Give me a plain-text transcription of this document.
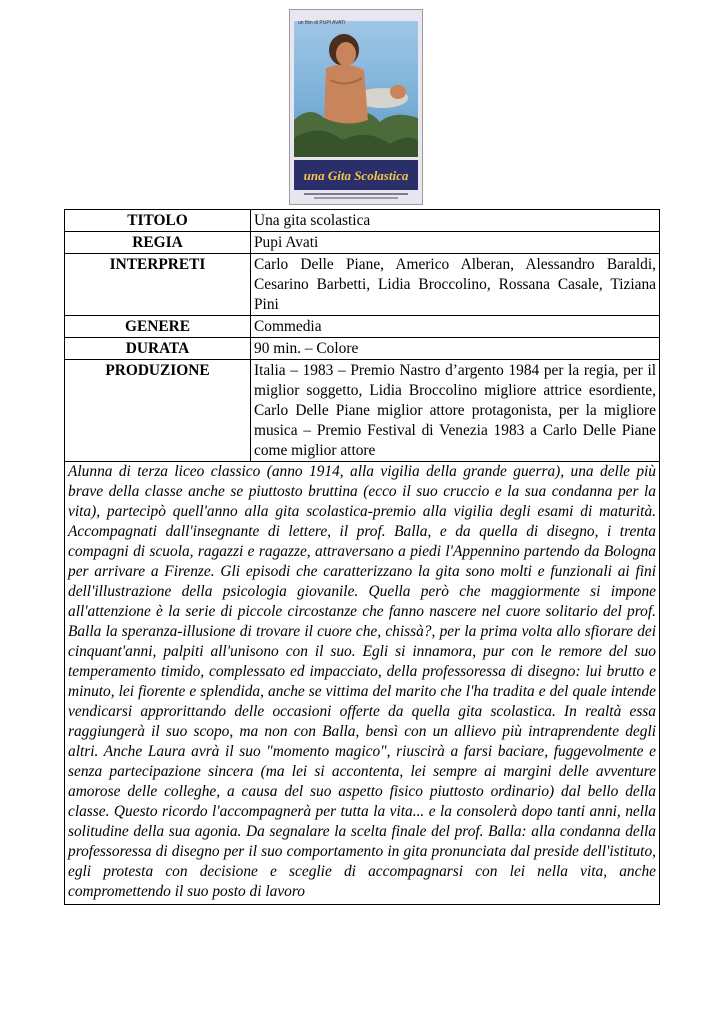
un film di PUPI AVATI
una Gita Scolastica
TITOLO	Una gita scolastica
REGIA	Pupi Avati
INTERPRETI	Carlo Delle Piane, Americo Alberan, Alessandro Baraldi, Cesarino Barbetti, Lidia Broccolino, Rossana Casale, Tiziana Pini
GENERE	Commedia
DURATA	90 min. – Colore
PRODUZIONE	Italia – 1983 – Premio Nastro d’argento 1984 per la regia, per il miglior soggetto, Lidia Broccolino migliore attrice esordiente, Carlo Delle Piane miglior attore protagonista, per la migliore musica – Premio Festival di Venezia 1983 a Carlo Delle Piane come miglior attore
Alunna di terza liceo classico (anno 1914, alla vigilia della grande guerra), una delle più brave della classe anche se piuttosto bruttina (ecco il suo cruccio e la sua condanna per la vita), partecipò quell'anno alla gita scolastica-premio alla vigilia degli esami di maturità. Accompagnati dall'insegnante di lettere, il prof. Balla, e da quella di disegno, i trenta compagni di scuola, ragazzi e ragazze, attraversano a piedi l'Appennino partendo da Bologna per arrivare a Firenze. Gli episodi che caratterizzano la gita sono molti e funzionali ai fini dell'illustrazione della psicologia giovanile. Quella però che maggiormente si impone all'attenzione è la serie di piccole circostanze che fanno nascere nel cuore solitario del prof. Balla la speranza-illusione di trovare il cuore che, chissà?, per la prima volta allo sfiorare dei cinquant'anni, palpiti all'unisono con il suo. Egli si innamora, pur con le remore del suo temperamento timido, complessato ed impacciato, della professoressa di disegno: lui brutto e minuto, lei fiorente e splendida, anche se vittima del marito che l'ha tradita e del quale intende vendicarsi approrittando delle occasioni offerte da quella gita scolastica. In realtà essa raggiungerà il suo scopo, ma non con Balla, bensì con un allievo più intraprendente degli altri. Anche Laura avrà il suo "momento magico", riuscirà a farsi baciare, fuggevolmente e senza partecipazione sincera (ma lei si accontenta, lei sempre ai margini delle avventure amorose delle colleghe, a causa del suo aspetto fisico piuttosto ordinario) dal bello della classe. Questo ricordo l'accompagnerà per tutta la vita... e la consolerà dopo tanti anni, nella solitudine della sua agonia. Da segnalare la scelta finale del prof. Balla: alla condanna della professoressa di disegno per il suo comportamento in gita pronunciata dal preside dell'istituto, egli protesta con decisione e sceglie di accompagnarsi con lei nella vita, anche compromettendo il suo posto di lavoro	
